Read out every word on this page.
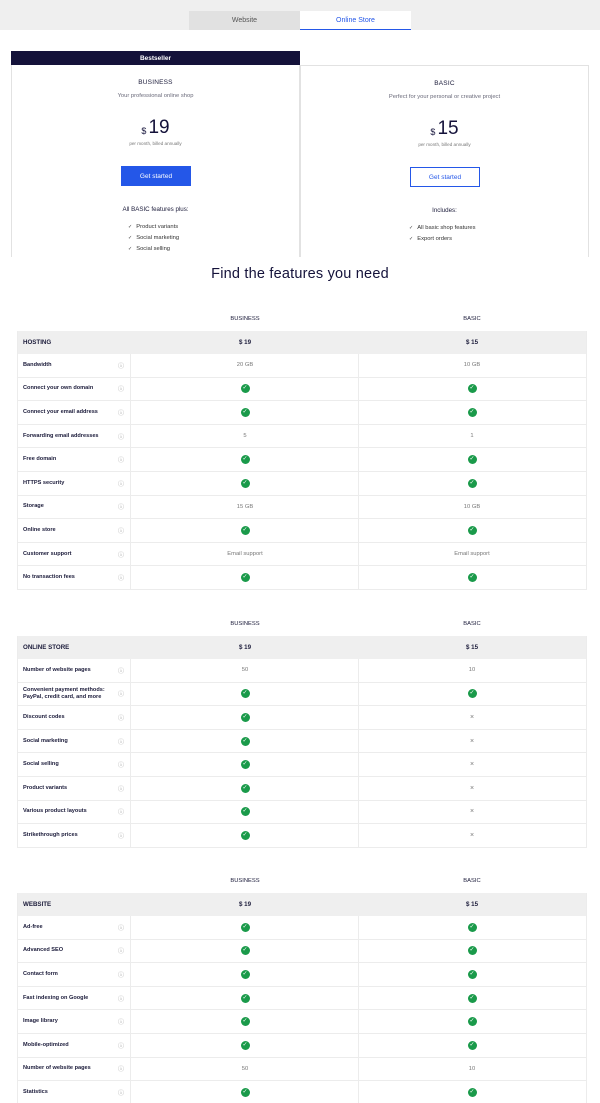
Website	Online Store
Bestseller
BUSINESS
Your professional online shop
$ 19
per month, billed annually
Get started
All BASIC features plus:
✓ Product variants
✓ Social marketing
✓ Social selling
BASIC
Perfect for your personal or creative project
$ 15
per month, billed annually
Get started
Includes:
✓ All basic shop features
✓ Export orders
Find the features you need
BUSINESS	BASIC
HOSTING	$ 19	$ 15
Bandwidth	ⓘ	20 GB	10 GB
Connect your own domain	ⓘ	✓	✓
Connect your email address	ⓘ	✓	✓
Forwarding email addresses	ⓘ	5	1
Free domain	ⓘ	✓	✓
HTTPS security	ⓘ	✓	✓
Storage	ⓘ	15 GB	10 GB
Online store	ⓘ	✓	✓
Customer support	ⓘ	Email support	Email support
No transaction fees	ⓘ	✓	✓
BUSINESS	BASIC
ONLINE STORE	$ 19	$ 15
Number of website pages	ⓘ	50	10
Convenient payment methods: PayPal, credit card, and more	ⓘ	✓	✓
Discount codes	ⓘ	✓	×
Social marketing	ⓘ	✓	×
Social selling	ⓘ	✓	×
Product variants	ⓘ	✓	×
Various product layouts	ⓘ	✓	×
Strikethrough prices	ⓘ	✓	×
BUSINESS	BASIC
WEBSITE	$ 19	$ 15
Ad-free	ⓘ	✓	✓
Advanced SEO	ⓘ	✓	✓
Contact form	ⓘ	✓	✓
Fast indexing on Google	ⓘ	✓	✓
Image library	ⓘ	✓	✓
Mobile-optimized	ⓘ	✓	✓
Number of website pages	ⓘ	50	10
Statistics	ⓘ	✓	✓
